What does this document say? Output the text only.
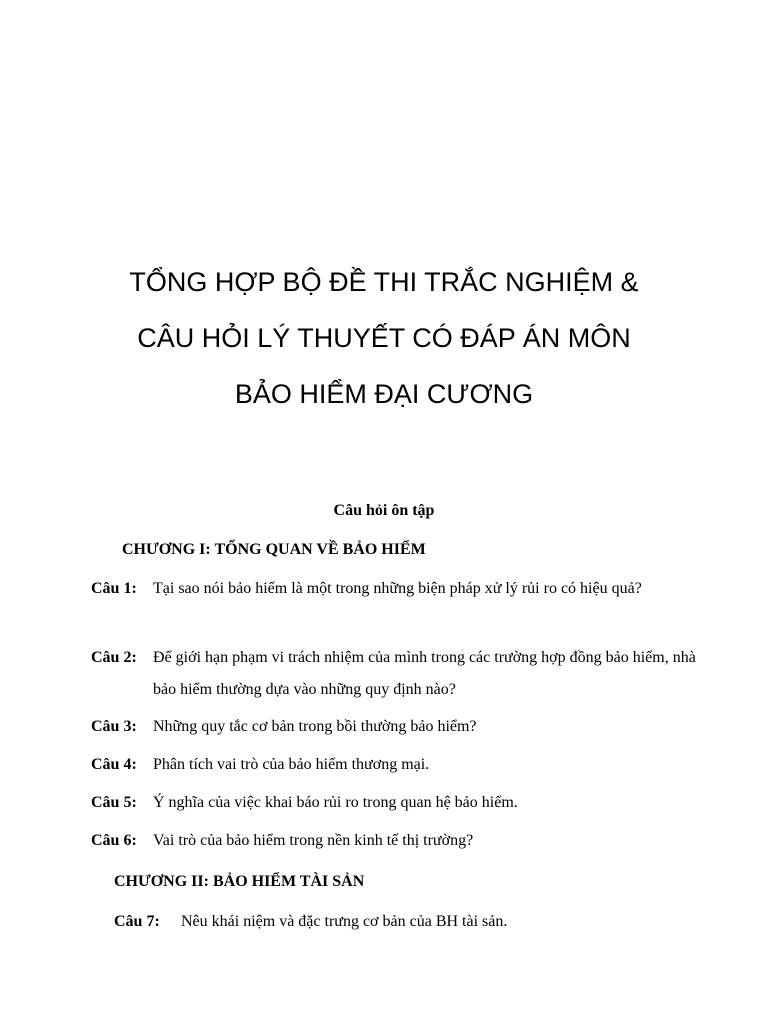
TỔNG HỢP BỘ ĐỀ THI TRẮC NGHIỆM &
CÂU HỎI LÝ THUYẾT CÓ ĐÁP ÁN MÔN
BẢO HIỂM ĐẠI CƯƠNG
Câu hỏi ôn tập
CHƯƠNG I: TỔNG QUAN VỀ BẢO HIỂM
Câu 1: Tại sao nói bảo hiểm là một trong những biện pháp xử lý rủi ro có hiệu quả?
Câu 2: Để giới hạn phạm vi trách nhiệm của mình trong các trường hợp đồng bảo hiểm, nhà bảo hiểm thường dựa vào những quy định nào?
Câu 3: Những quy tắc cơ bản trong bồi thường bảo hiểm?
Câu 4: Phân tích vai trò của bảo hiểm thương mại.
Câu 5: Ý nghĩa của việc khai báo rủi ro trong quan hệ bảo hiểm.
Câu 6: Vai trò của bảo hiểm trong nền kinh tế thị trường?
CHƯƠNG II: BẢO HIỂM TÀI SẢN
Câu 7: Nêu khái niệm và đặc trưng cơ bản của BH tài sản.
